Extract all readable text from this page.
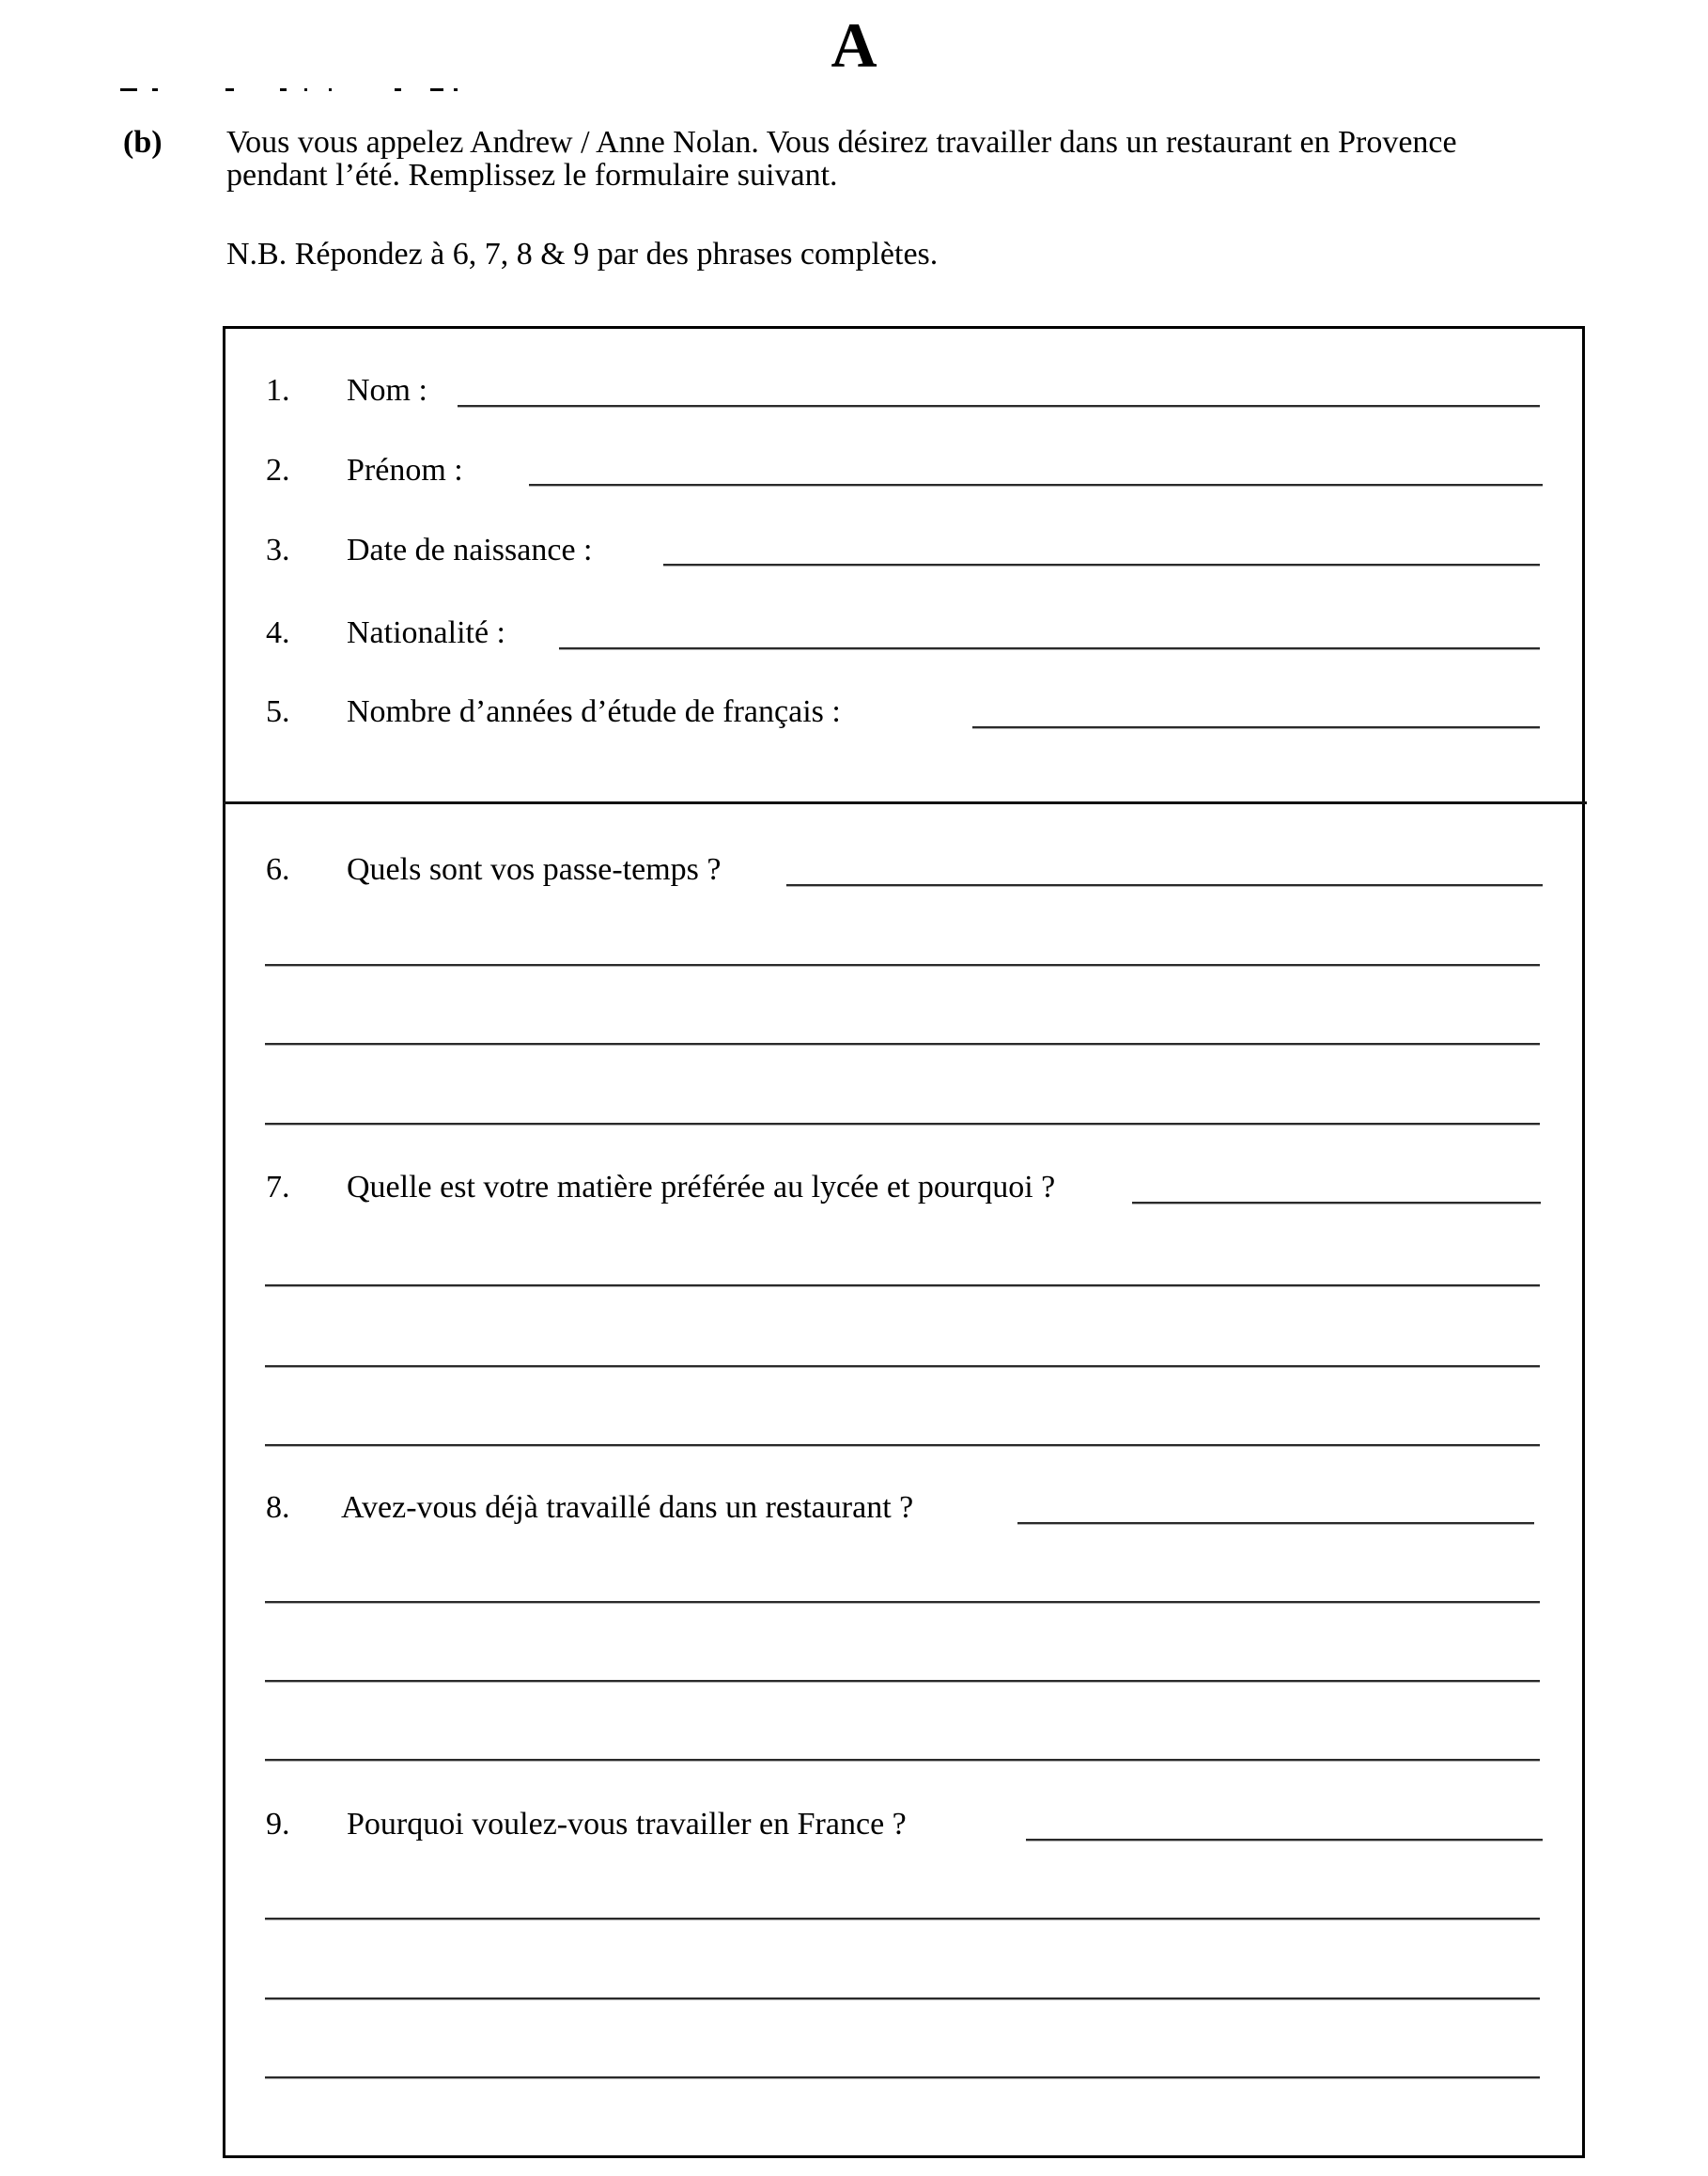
A
(b) Vous vous appelez Andrew / Anne Nolan. Vous désirez travailler dans un restaurant en Provence
pendant l’été. Remplissez le formulaire suivant.
N.B. Répondez à 6, 7, 8 & 9 par des phrases complètes.
1. Nom :
2. Prénom :
3. Date de naissance :
4. Nationalité :
5. Nombre d’années d’étude de français :
6. Quels sont vos passe-temps ?
7. Quelle est votre matière préférée au lycée et pourquoi ?
8. Avez-vous déjà travaillé dans un restaurant ?
9. Pourquoi voulez-vous travailler en France ?
